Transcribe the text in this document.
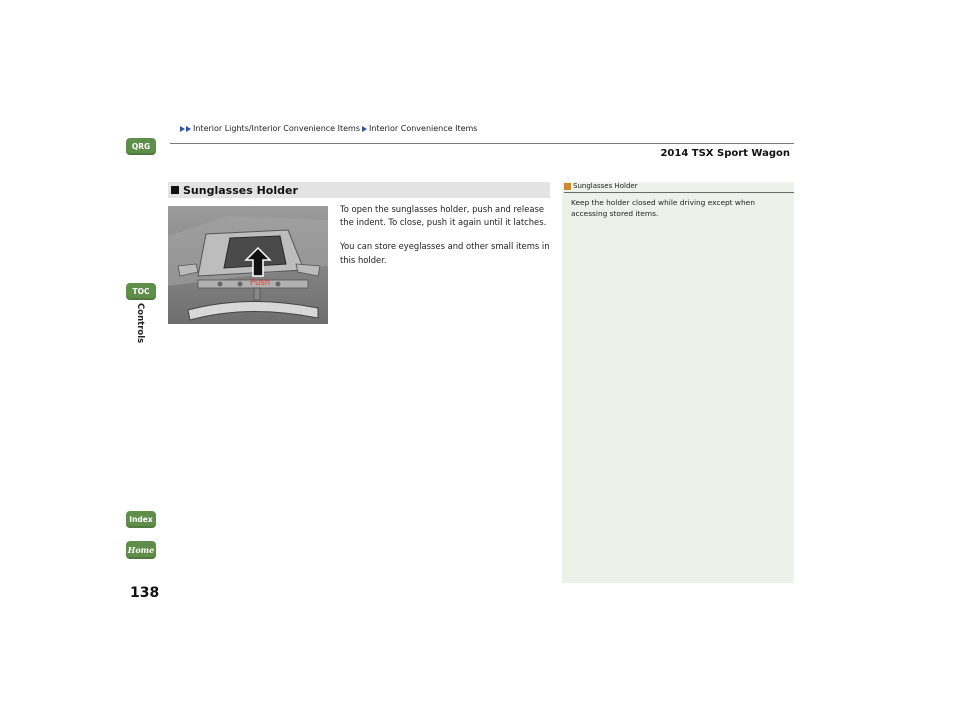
Interior Lights/Interior Convenience Items Interior Convenience Items
2014 TSX Sport Wagon
QRG
TOC
Controls
Index
Home
138
Sunglasses Holder
Push

To open the sunglasses holder, push and release the indent. To close, push it again until it latches.

You can store eyeglasses and other small items in this holder.

Sunglasses Holder
Keep the holder closed while driving except when accessing stored items.
